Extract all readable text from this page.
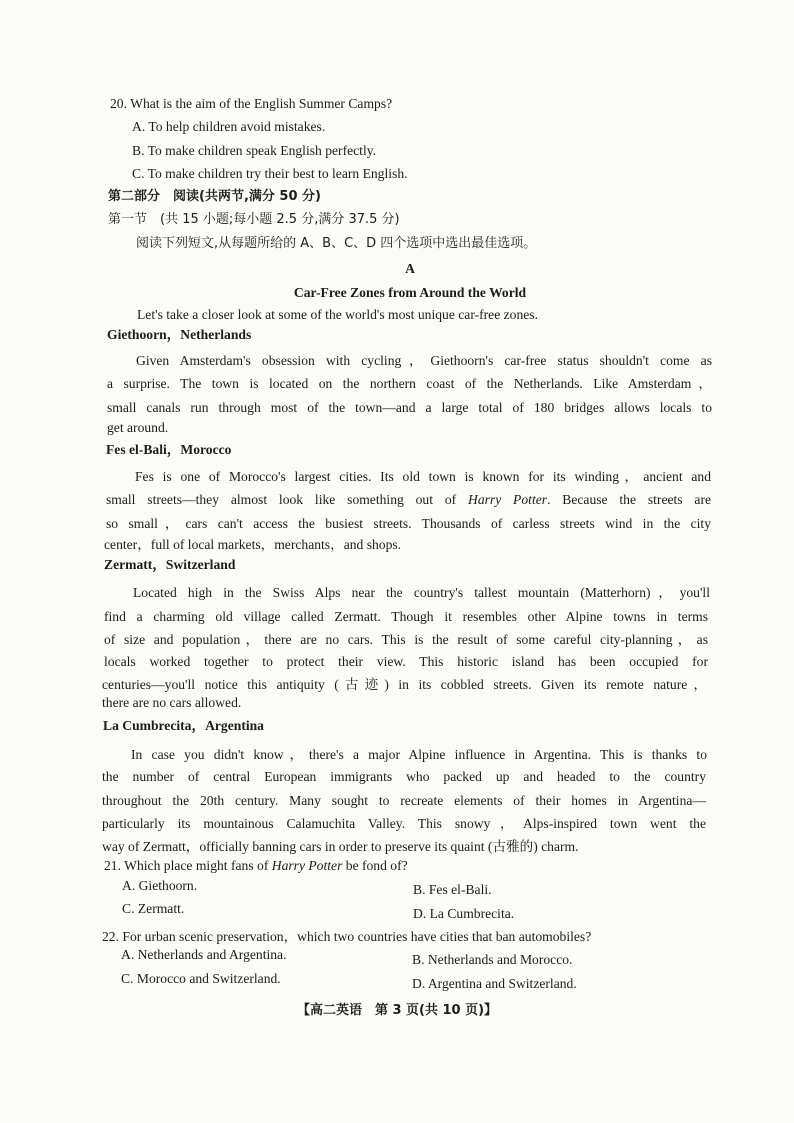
20. What is the aim of the English Summer Camps?
A. To help children avoid mistakes.
B. To make children speak English perfectly.
C. To make children try their best to learn English.
第二部分　阅读(共两节,满分 50 分)
第一节　(共 15 小题;每小题 2.5 分,满分 37.5 分)
阅读下列短文,从每题所给的 A、B、C、D 四个选项中选出最佳选项。
A
Car-Free Zones from Around the World
Let's take a closer look at some of the world's most unique car-free zones.
Giethoorn，Netherlands
Given Amsterdam's obsession with cycling，Giethoorn's car-free status shouldn't come as
a surprise. The town is located on the northern coast of the Netherlands. Like Amsterdam，
small canals run through most of the town—and a large total of 180 bridges allows locals to
get around.
Fes el-Bali，Morocco
Fes is one of Morocco's largest cities. Its old town is known for its winding，ancient and
small streets—they almost look like something out of Harry Potter. Because the streets are
so small，cars can't access the busiest streets. Thousands of carless streets wind in the city
center，full of local markets，merchants，and shops.
Zermatt，Switzerland
Located high in the Swiss Alps near the country's tallest mountain (Matterhorn)，you'll
find a charming old village called Zermatt. Though it resembles other Alpine towns in terms
of size and population，there are no cars. This is the result of some careful city-planning，as
locals worked together to protect their view. This historic island has been occupied for
centuries—you'll notice this antiquity (古迹) in its cobbled streets. Given its remote nature，
there are no cars allowed.
La Cumbrecita，Argentina
In case you didn't know，there's a major Alpine influence in Argentina. This is thanks to
the number of central European immigrants who packed up and headed to the country
throughout the 20th century. Many sought to recreate elements of their homes in Argentina—
particularly its mountainous Calamuchita Valley. This snowy，Alps-inspired town went the
way of Zermatt，officially banning cars in order to preserve its quaint (古雅的) charm.
21. Which place might fans of Harry Potter be fond of?
A. Giethoorn.	B. Fes el-Bali.
C. Zermatt.	D. La Cumbrecita.
22. For urban scenic preservation，which two countries have cities that ban automobiles?
A. Netherlands and Argentina.	B. Netherlands and Morocco.
C. Morocco and Switzerland.	D. Argentina and Switzerland.
【高二英语　第 3 页(共 10 页)】
